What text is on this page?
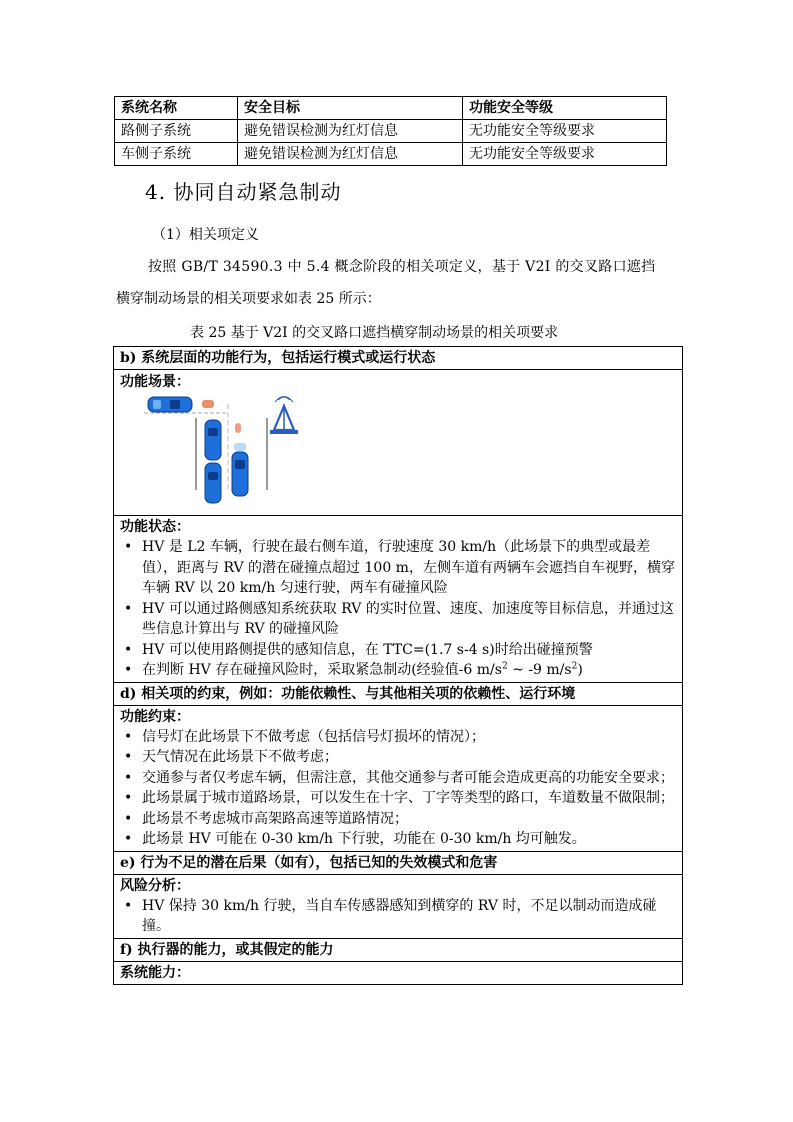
系统名称	安全目标	功能安全等级
路侧子系统	避免错误检测为红灯信息	无功能安全等级要求
车侧子系统	避免错误检测为红灯信息	无功能安全等级要求
4. 协同自动紧急制动
（1）相关项定义
按照 GB/T 34590.3 中 5.4 概念阶段的相关项定义，基于 V2I 的交叉路口遮挡
横穿制动场景的相关项要求如表 25 所示：
表 25 基于 V2I 的交叉路口遮挡横穿制动场景的相关项要求
b) 系统层面的功能行为，包括运行模式或运行状态

功能场景：

功能状态：
• HV 是 L2 车辆，行驶在最右侧车道，行驶速度 30 km/h（此场景下的典型或最差值），距离与 RV 的潜在碰撞点超过 100 m，左侧车道有两辆车会遮挡自车视野，横穿车辆 RV 以 20 km/h 匀速行驶，两车有碰撞风险
• HV 可以通过路侧感知系统获取 RV 的实时位置、速度、加速度等目标信息，并通过这些信息计算出与 RV 的碰撞风险
• HV 可以使用路侧提供的感知信息，在 TTC=(1.7 s-4 s)时给出碰撞预警
• 在判断 HV 存在碰撞风险时，采取紧急制动(经验值-6 $m/s^2$ ~ -9 $m/s^2$)

d) 相关项的约束，例如：功能依赖性、与其他相关项的依赖性、运行环境

功能约束：
• 信号灯在此场景下不做考虑（包括信号灯损坏的情况）；
• 天气情况在此场景下不做考虑；
• 交通参与者仅考虑车辆，但需注意，其他交通参与者可能会造成更高的功能安全要求；
• 此场景属于城市道路场景，可以发生在十字、丁字等类型的路口，车道数量不做限制；
• 此场景不考虑城市高架路高速等道路情况；
• 此场景 HV 可能在 0-30 km/h 下行驶，功能在 0-30 km/h 均可触发。

e) 行为不足的潜在后果（如有），包括已知的失效模式和危害

风险分析：
• HV 保持 30 km/h 行驶，当自车传感器感知到横穿的 RV 时，不足以制动而造成碰撞。

f) 执行器的能力，或其假定的能力

系统能力：
